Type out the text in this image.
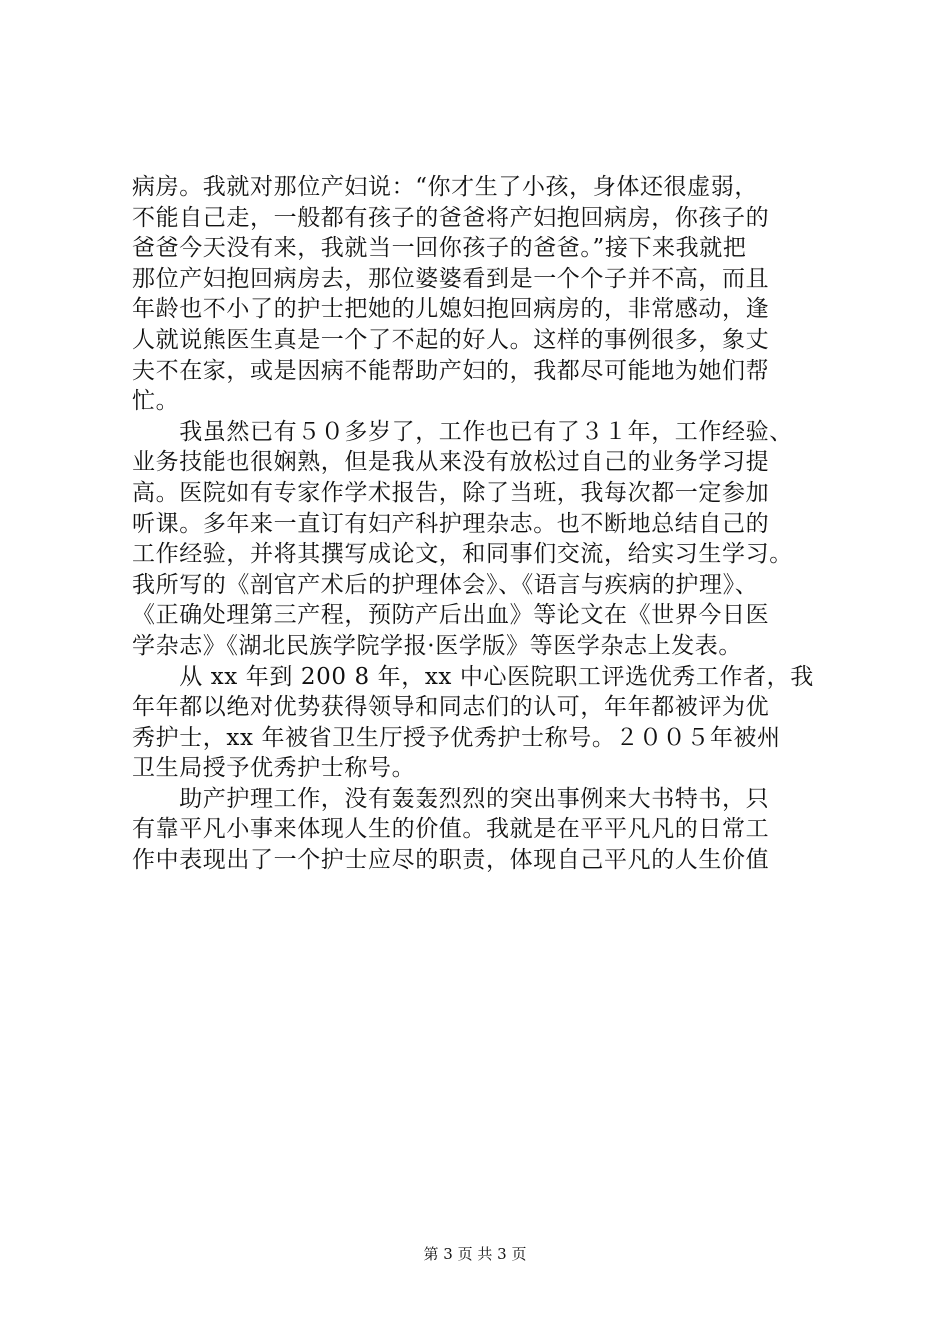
病房。我就对那位产妇说：“你才生了小孩，身体还很虚弱，
不能自己走，一般都有孩子的爸爸将产妇抱回病房，你孩子的
爸爸今天没有来，我就当一回你孩子的爸爸。”接下来我就把
那位产妇抱回病房去，那位婆婆看到是一个个子并不高，而且
年龄也不小了的护士把她的儿媳妇抱回病房的，非常感动，逢
人就说熊医生真是一个了不起的好人。这样的事例很多，象丈
夫不在家，或是因病不能帮助产妇的，我都尽可能地为她们帮
忙。
　　我虽然已有５０多岁了，工作也已有了３１年，工作经验、
业务技能也很娴熟，但是我从来没有放松过自己的业务学习提
高。医院如有专家作学术报告，除了当班，我每次都一定参加
听课。多年来一直订有妇产科护理杂志。也不断地总结自己的
工作经验，并将其撰写成论文，和同事们交流，给实习生学习。
我所写的《剖官产术后的护理体会》、《语言与疾病的护理》、
《正确处理第三产程，预防产后出血》等论文在《世界今日医
学杂志》《湖北民族学院学报·医学版》等医学杂志上发表。
　　从 xx 年到 200 8 年，xx 中心医院职工评选优秀工作者，我
年年都以绝对优势获得领导和同志们的认可，年年都被评为优
秀护士，xx 年被省卫生厅授予优秀护士称号。２００５年被州
卫生局授予优秀护士称号。
　　助产护理工作，没有轰轰烈烈的突出事例来大书特书，只
有靠平凡小事来体现人生的价值。我就是在平平凡凡的日常工
作中表现出了一个护士应尽的职责，体现自己平凡的人生价值
第 3 页 共 3 页
